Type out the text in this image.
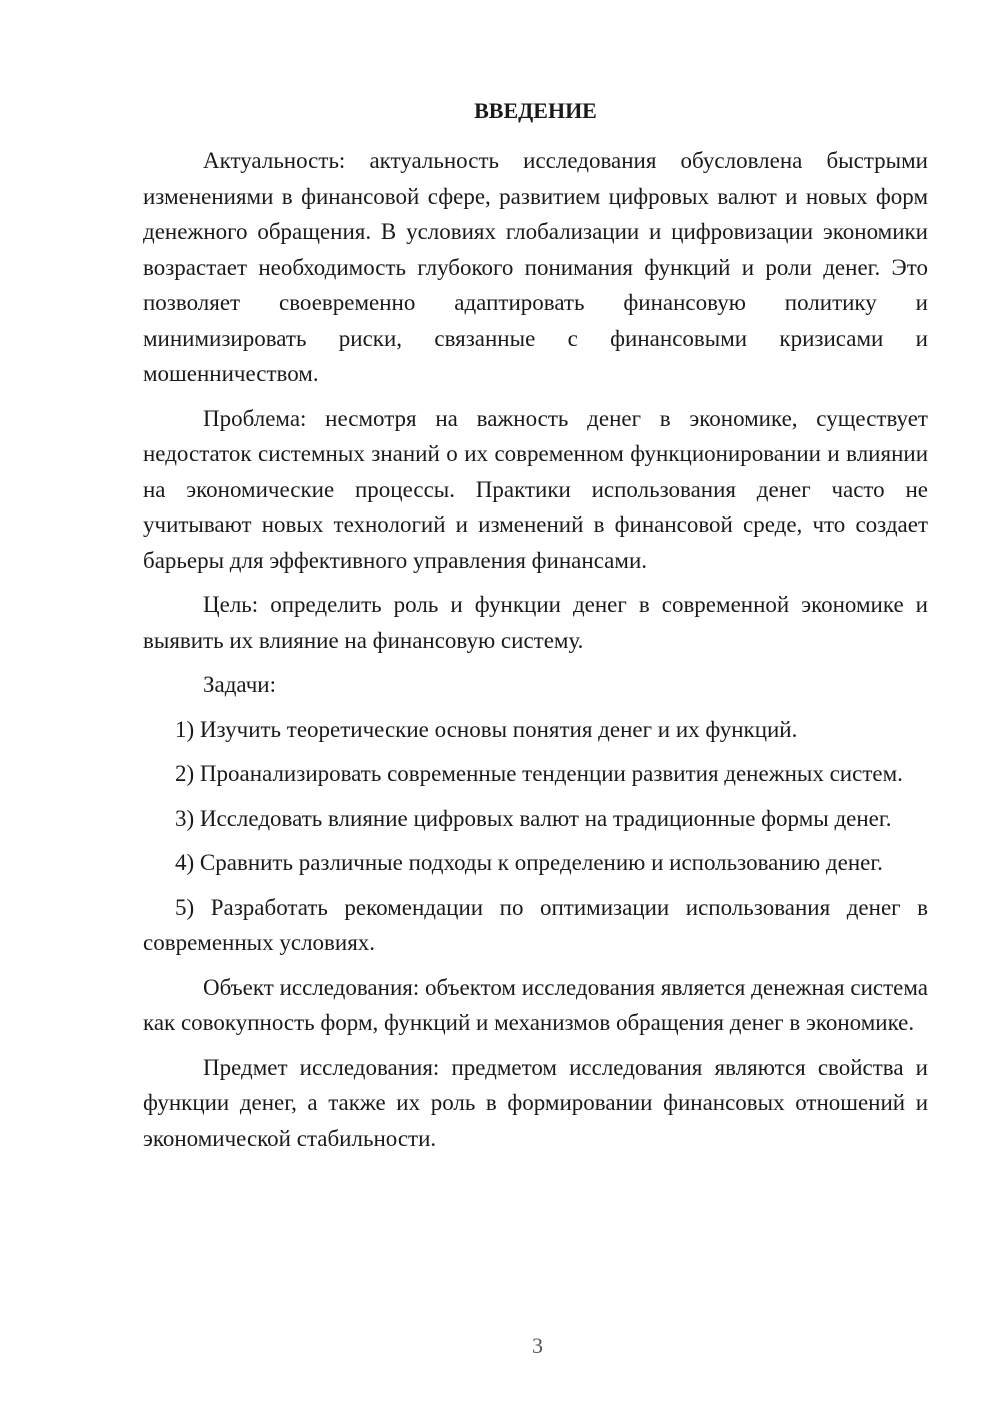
ВВЕДЕНИЕ

Актуальность: актуальность исследования обусловлена быстрыми изменениями в финансовой сфере, развитием цифровых валют и новых форм денежного обращения. В условиях глобализации и цифровизации экономики возрастает необходимость глубокого понимания функций и роли денег. Это позволяет своевременно адаптировать финансовую политику и минимизировать риски, связанные с финансовыми кризисами и мошенничеством.

Проблема: несмотря на важность денег в экономике, существует недостаток системных знаний о их современном функционировании и влиянии на экономические процессы. Практики использования денег часто не учитывают новых технологий и изменений в финансовой среде, что создает барьеры для эффективного управления финансами.

Цель: определить роль и функции денег в современной экономике и выявить их влияние на финансовую систему.

Задачи:

1) Изучить теоретические основы понятия денег и их функций.

2) Проанализировать современные тенденции развития денежных систем.

3) Исследовать влияние цифровых валют на традиционные формы денег.

4) Сравнить различные подходы к определению и использованию денег.

5) Разработать рекомендации по оптимизации использования денег в современных условиях.

Объект исследования: объектом исследования является денежная система как совокупность форм, функций и механизмов обращения денег в экономике.

Предмет исследования: предметом исследования являются свойства и функции денег, а также их роль в формировании финансовых отношений и экономической стабильности.

3
